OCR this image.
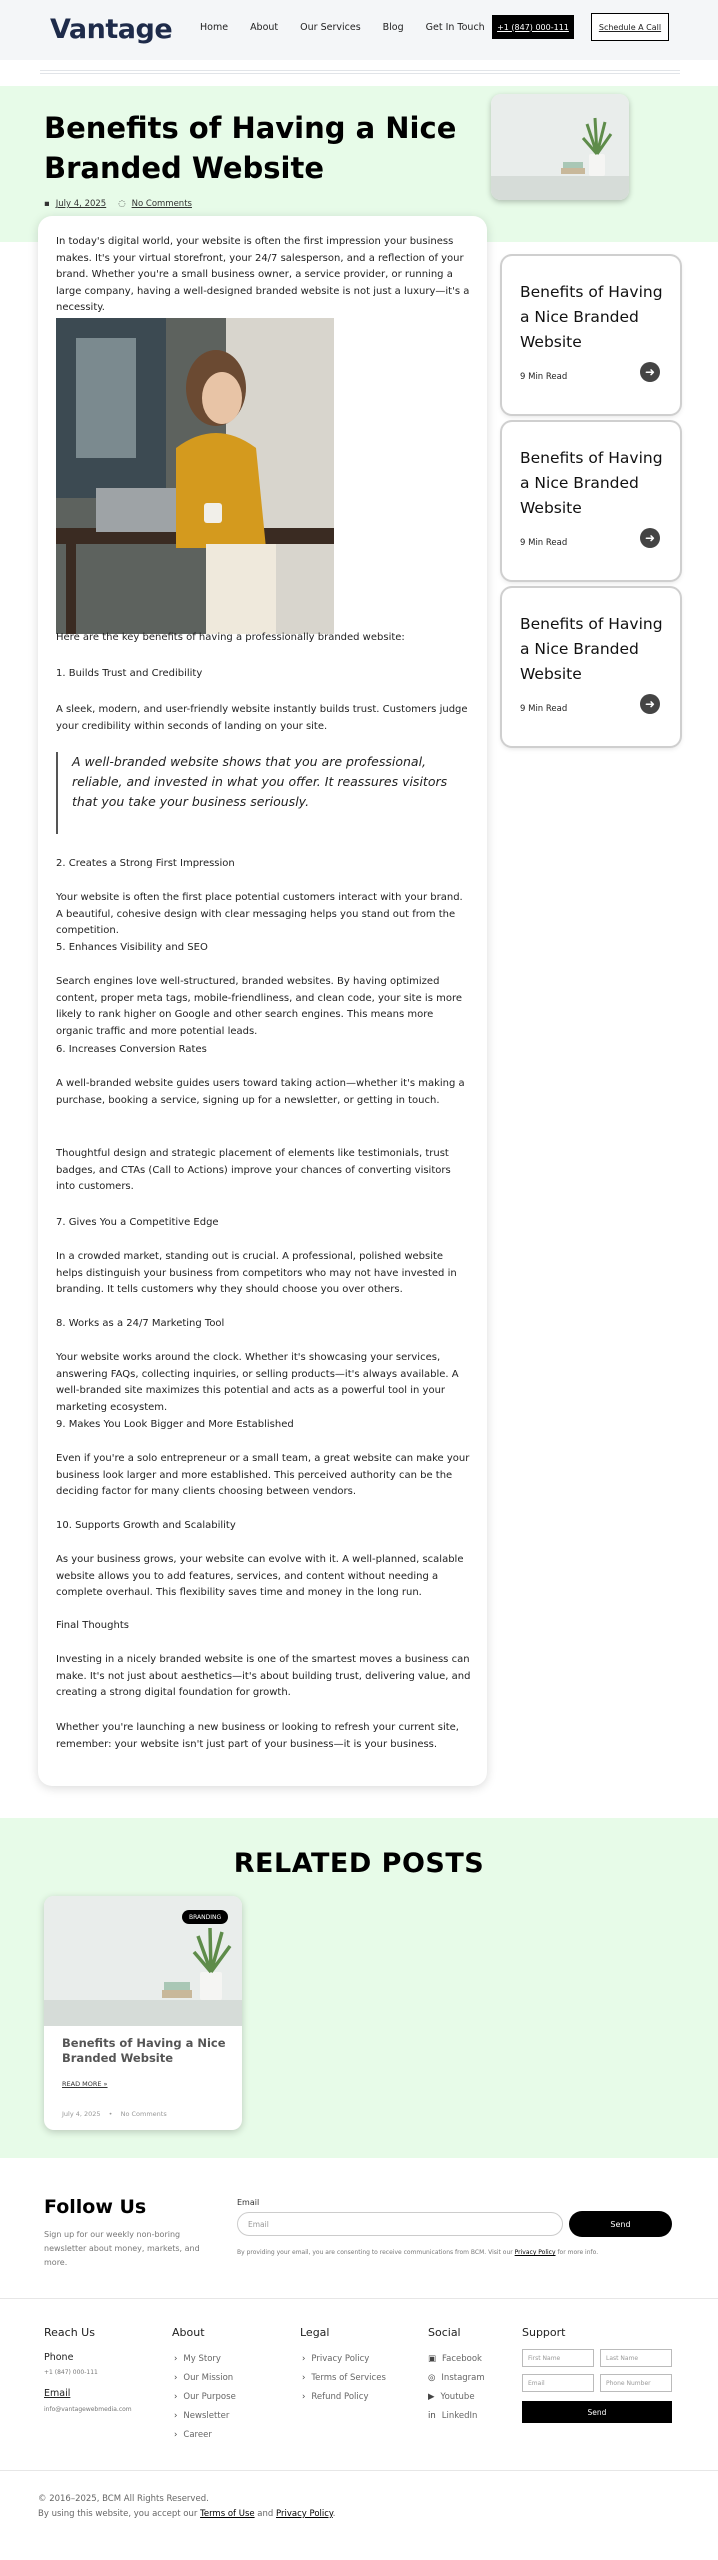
Vantage	Home About Our Services Blog Get In Touch	+1 (847) 000-111	Schedule A Call
Benefits of Having a Nice Branded Website
▪ July 4, 2025 ◌ No Comments

In today's digital world, your website is often the first impression your business makes. It's your virtual storefront, your 24/7 salesperson, and a reflection of your brand. Whether you're a small business owner, a service provider, or running a large company, having a well-designed branded website is not just a luxury—it's a necessity.

Here are the key benefits of having a professionally branded website:

1. Builds Trust and Credibility

A sleek, modern, and user-friendly website instantly builds trust. Customers judge your credibility within seconds of landing on your site.

A well-branded website shows that you are professional, reliable, and invested in what you offer. It reassures visitors that you take your business seriously.

2. Creates a Strong First Impression

Your website is often the first place potential customers interact with your brand. A beautiful, cohesive design with clear messaging helps you stand out from the competition.

5. Enhances Visibility and SEO

Search engines love well-structured, branded websites. By having optimized content, proper meta tags, mobile-friendliness, and clean code, your site is more likely to rank higher on Google and other search engines. This means more organic traffic and more potential leads.

6. Increases Conversion Rates

A well-branded website guides users toward taking action—whether it's making a purchase, booking a service, signing up for a newsletter, or getting in touch.

Thoughtful design and strategic placement of elements like testimonials, trust badges, and CTAs (Call to Actions) improve your chances of converting visitors into customers.

7. Gives You a Competitive Edge

In a crowded market, standing out is crucial. A professional, polished website helps distinguish your business from competitors who may not have invested in branding. It tells customers why they should choose you over others.

8. Works as a 24/7 Marketing Tool

Your website works around the clock. Whether it's showcasing your services, answering FAQs, collecting inquiries, or selling products—it's always available. A well-branded site maximizes this potential and acts as a powerful tool in your marketing ecosystem.

9. Makes You Look Bigger and More Established

Even if you're a solo entrepreneur or a small team, a great website can make your business look larger and more established. This perceived authority can be the deciding factor for many clients choosing between vendors.

10. Supports Growth and Scalability

As your business grows, your website can evolve with it. A well-planned, scalable website allows you to add features, services, and content without needing a complete overhaul. This flexibility saves time and money in the long run.

Final Thoughts

Investing in a nicely branded website is one of the smartest moves a business can make. It's not just about aesthetics—it's about building trust, delivering value, and creating a strong digital foundation for growth.

Whether you're launching a new business or looking to refresh your current site, remember: your website isn't just part of your business—it is your business.

Benefits of Having a Nice Branded Website
9 Min Read	➜
Benefits of Having a Nice Branded Website
9 Min Read	➜
Benefits of Having a Nice Branded Website
9 Min Read	➜
RELATED POSTS
BRANDING
Benefits of Having a Nice Branded Website
READ MORE »
July 4, 2025 • No Comments
Follow Us

Sign up for our weekly non-boring newsletter about money, markets, and more.

Email
Email	Send

By providing your email, you are consenting to receive communications from BCM. Visit our Privacy Policy for more info.

Reach Us
Phone
+1 (847) 000-111
Email
info@vantagewebmedia.com
About
› My Story
› Our Mission
› Our Purpose
› Newsletter
› Career
Legal
› Privacy Policy
› Terms of Services
› Refund Policy
Social
▣ Facebook
◎ Instagram
▶ Youtube
in LinkedIn
Support
First Name	Last Name
Email	Phone Number
Send

© 2016–2025, BCM All Rights Reserved.

By using this website, you accept our Terms of Use and Privacy Policy.
